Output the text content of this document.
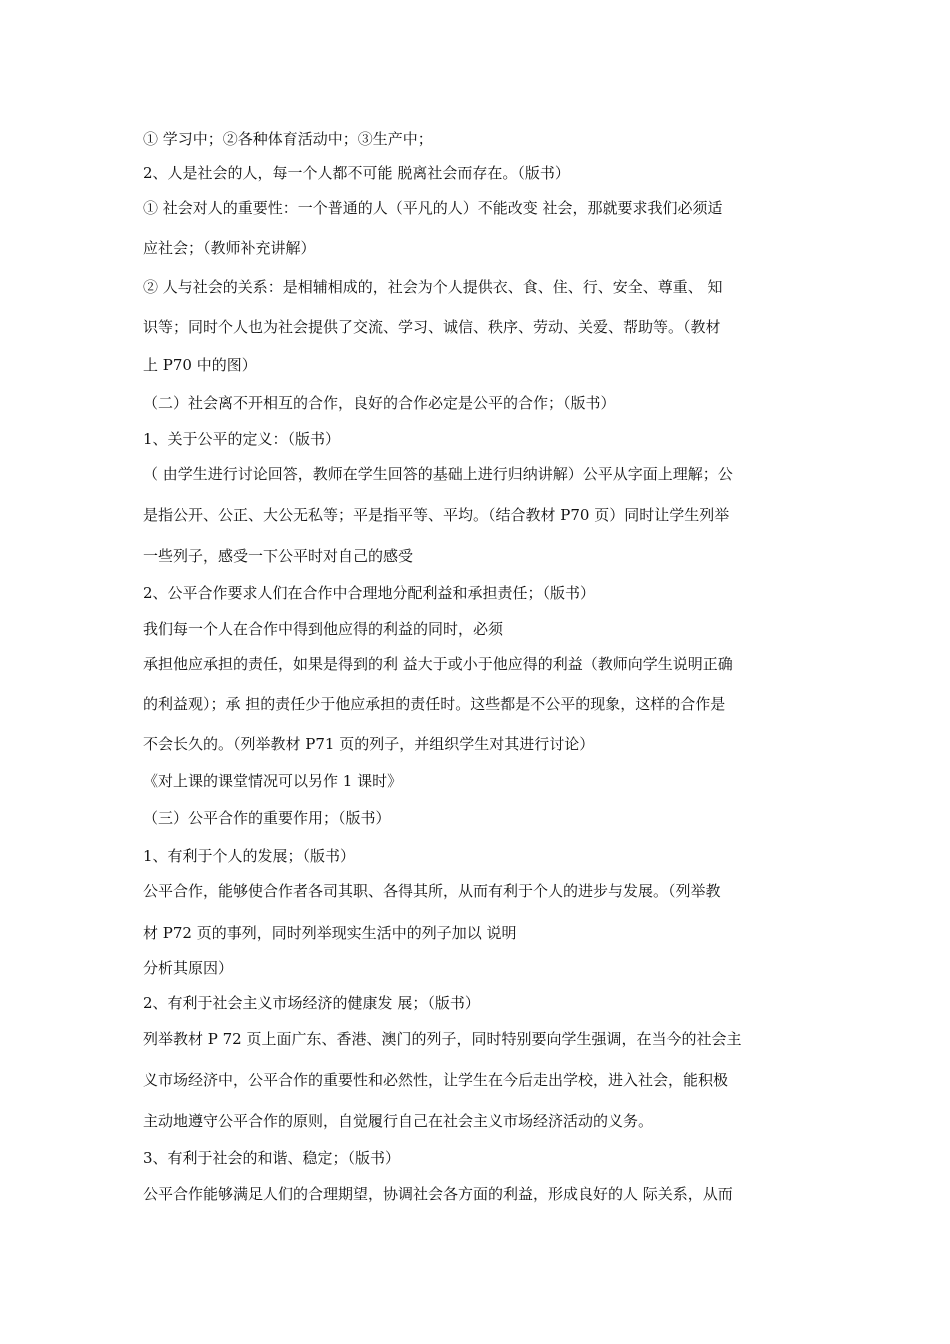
① 学习中；②各种体育活动中；③生产中；
2、人是社会的人，每一个人都不可能 脱离社会而存在。（版书）
① 社会对人的重要性：一个普通的人（平凡的人）不能改变 社会，那就要求我们必须适
应社会；（教师补充讲解）
② 人与社会的关系：是相辅相成的，社会为个人提供衣、食、住、行、安全、尊重、 知
识等；同时个人也为社会提供了交流、学习、诚信、秩序、劳动、关爱、帮助等。（教材
上 P70 中的图）
（二）社会离不开相互的合作，良好的合作必定是公平的合作；（版书）
1、关于公平的定义：（版书）
（ 由学生进行讨论回答，教师在学生回答的基础上进行归纳讲解）公平从字面上理解；公
是指公开、公正、大公无私等；平是指平等、平均。（结合教材 P70 页）同时让学生列举
一些列子，感受一下公平时对自己的感受
2、公平合作要求人们在合作中合理地分配利益和承担责任；（版书）
我们每一个人在合作中得到他应得的利益的同时，必须
承担他应承担的责任，如果是得到的利 益大于或小于他应得的利益（教师向学生说明正确
的利益观）；承 担的责任少于他应承担的责任时。这些都是不公平的现象，这样的合作是
不会长久的。（列举教材 P71 页的列子，并组织学生对其进行讨论）
《对上课的课堂情况可以另作 1 课时》
（三）公平合作的重要作用；（版书）
1、有利于个人的发展；（版书）
公平合作，能够使合作者各司其职、各得其所，从而有利于个人的进步与发展。（列举教
材 P72 页的事列，同时列举现实生活中的列子加以 说明
分析其原因）
2、有利于社会主义市场经济的健康发 展；（版书）
列举教材 P 72 页上面广东、香港、澳门的列子，同时特别要向学生强调，在当今的社会主
义市场经济中，公平合作的重要性和必然性，让学生在今后走出学校，进入社会，能积极
主动地遵守公平合作的原则，自觉履行自己在社会主义市场经济活动的义务。
3、有利于社会的和谐、稳定；（版书）
公平合作能够满足人们的合理期望，协调社会各方面的利益，形成良好的人 际关系，从而
